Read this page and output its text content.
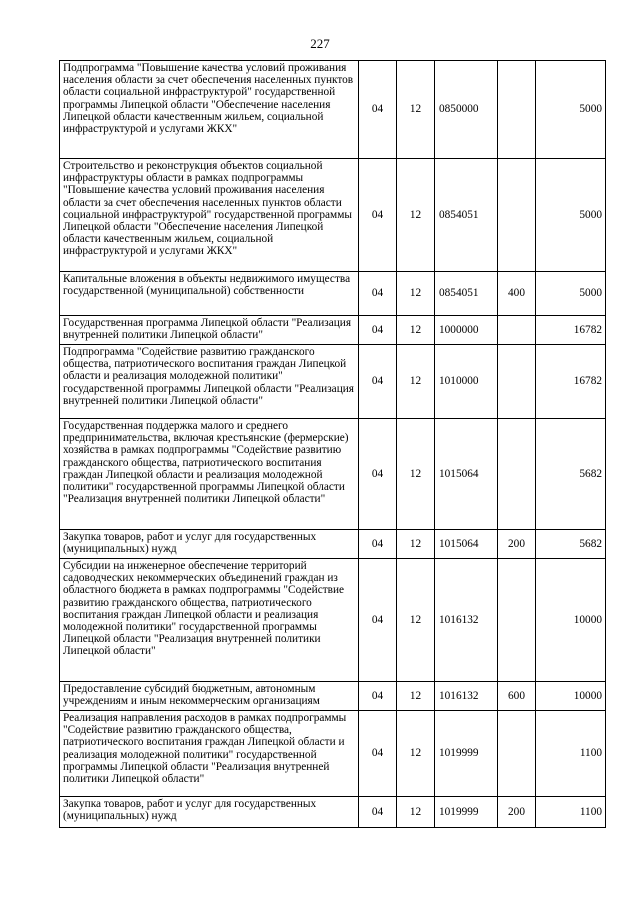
227
Подпрограмма "Повышение качества условий проживания населения области за счет обеспечения населенных пунктов области социальной инфраструктурой" государственной программы Липецкой области "Обеспечение населения Липецкой области качественным жильем, социальной инфраструктурой и услугами ЖКХ"	04	12	0850000		5000
Строительство и реконструкция объектов социальной инфраструктуры области в рамках подпрограммы "Повышение качества условий проживания населения области за счет обеспечения населенных пунктов области социальной инфраструктурой" государственной программы Липецкой области "Обеспечение населения Липецкой области качественным жильем, социальной инфраструктурой и услугами ЖКХ"	04	12	0854051		5000
Капитальные вложения в объекты недвижимого имущества государственной (муниципальной) собственности	04	12	0854051	400	5000
Государственная программа Липецкой области "Реализация внутренней политики Липецкой области"	04	12	1000000		16782
Подпрограмма "Содействие развитию гражданского общества, патриотического воспитания граждан Липецкой области и реализация молодежной политики" государственной программы Липецкой области "Реализация внутренней политики Липецкой области"	04	12	1010000		16782
Государственная поддержка малого и среднего предпринимательства, включая крестьянские (фермерские) хозяйства в рамках подпрограммы "Содействие развитию гражданского общества, патриотического воспитания граждан Липецкой области и реализация молодежной политики" государственной программы Липецкой области "Реализация внутренней политики Липецкой области"	04	12	1015064		5682
Закупка товаров, работ и услуг для государственных (муниципальных) нужд	04	12	1015064	200	5682
Субсидии на инженерное обеспечение территорий садоводческих некоммерческих объединений граждан из областного бюджета в рамках подпрограммы "Содействие развитию гражданского общества, патриотического воспитания граждан Липецкой области и реализация молодежной политики" государственной программы Липецкой области "Реализация внутренней политики Липецкой области"	04	12	1016132		10000
Предоставление субсидий бюджетным, автономным учреждениям и иным некоммерческим организациям	04	12	1016132	600	10000
Реализация направления расходов в рамках подпрограммы "Содействие развитию гражданского общества, патриотического воспитания граждан Липецкой области и реализация молодежной политики" государственной программы Липецкой области "Реализация внутренней политики Липецкой области"	04	12	1019999		1100
Закупка товаров, работ и услуг для государственных (муниципальных) нужд	04	12	1019999	200	1100
